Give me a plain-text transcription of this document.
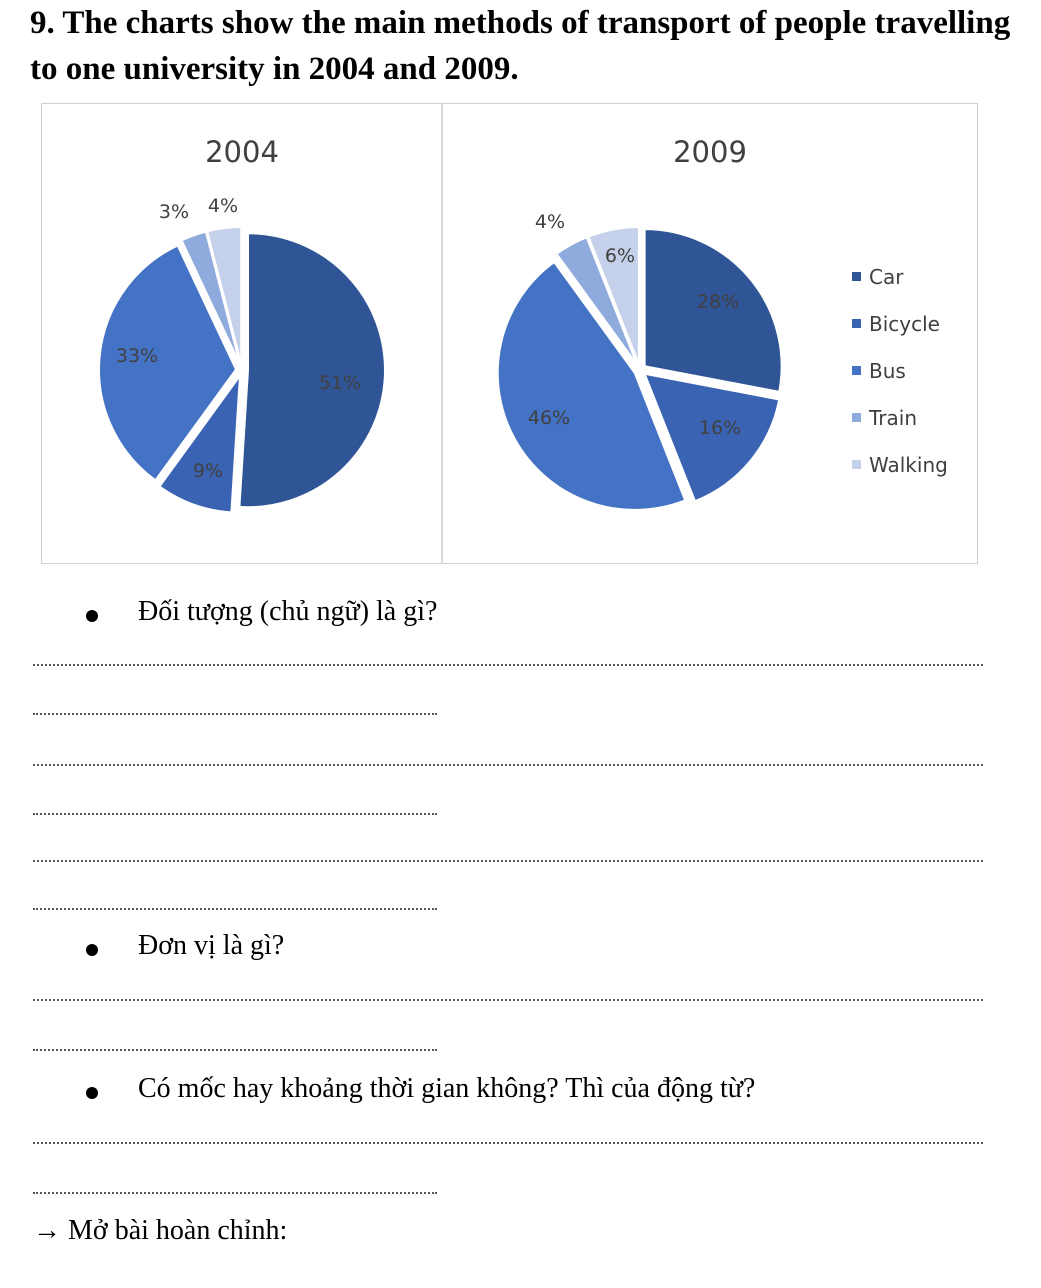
9. The charts show the main methods of transport of people travelling to one university in 2004 and 2009.
2004	2009
51%
9%
33%
3% 4%
28%
16%
46%
4%
6%
Car
Bicycle
Bus
Train
Walking
Đối tượng (chủ ngữ) là gì?
Đơn vị là gì?
Có mốc hay khoảng thời gian không? Thì của động từ?
→ Mở bài hoàn chỉnh:
